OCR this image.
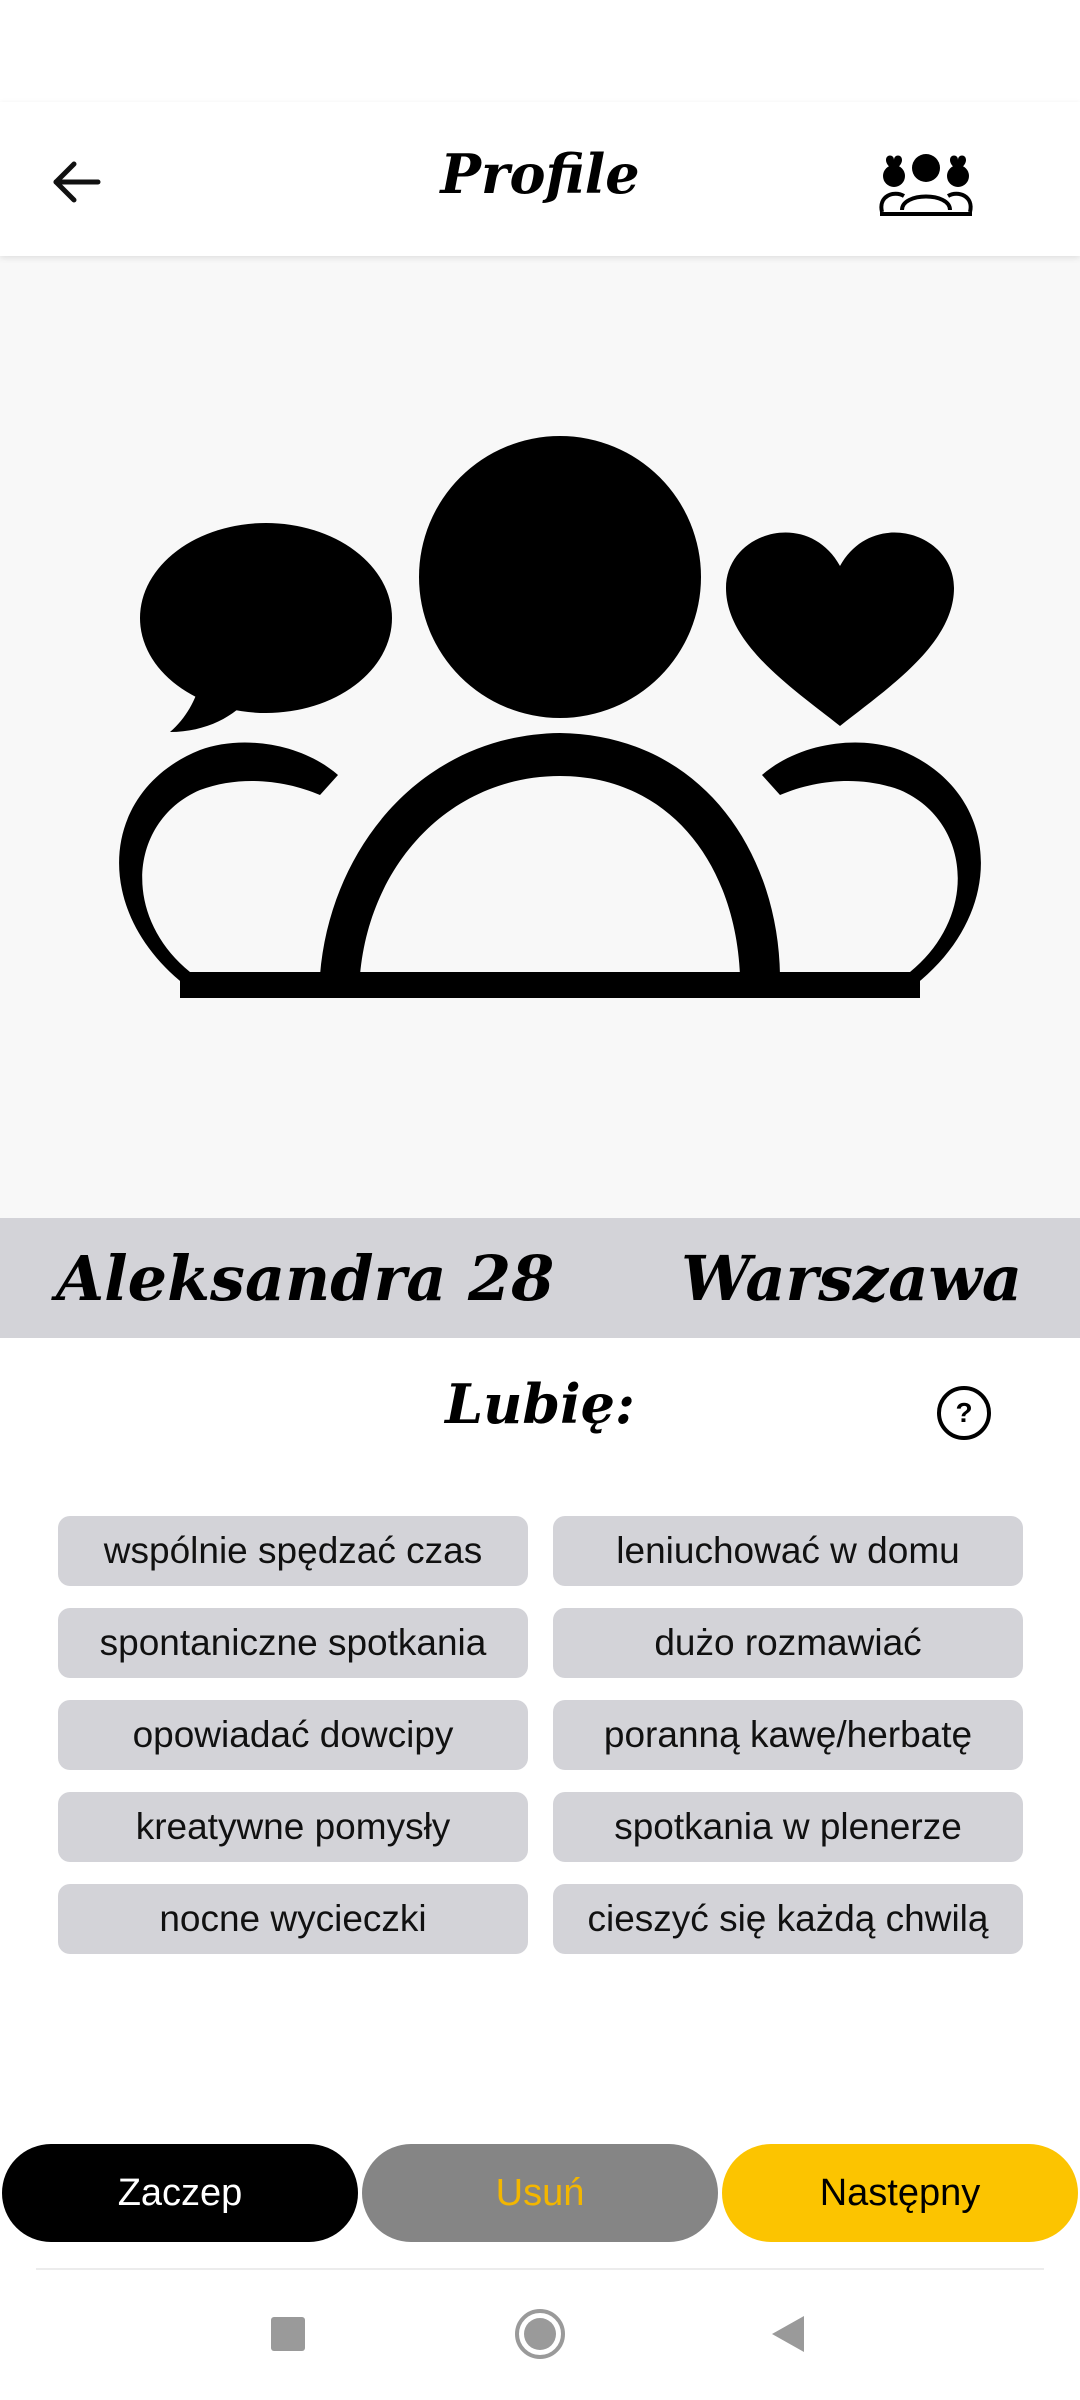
Profile
Aleksandra 28 Warszawa
Lubię:	?
wspólnie spędzać czas	leniuchować w domu
spontaniczne spotkania	dużo rozmawiać
opowiadać dowcipy	poranną kawę/herbatę
kreatywne pomysły	spotkania w plenerze
nocne wycieczki	cieszyć się każdą chwilą
Zaczep	Usuń	Następny
